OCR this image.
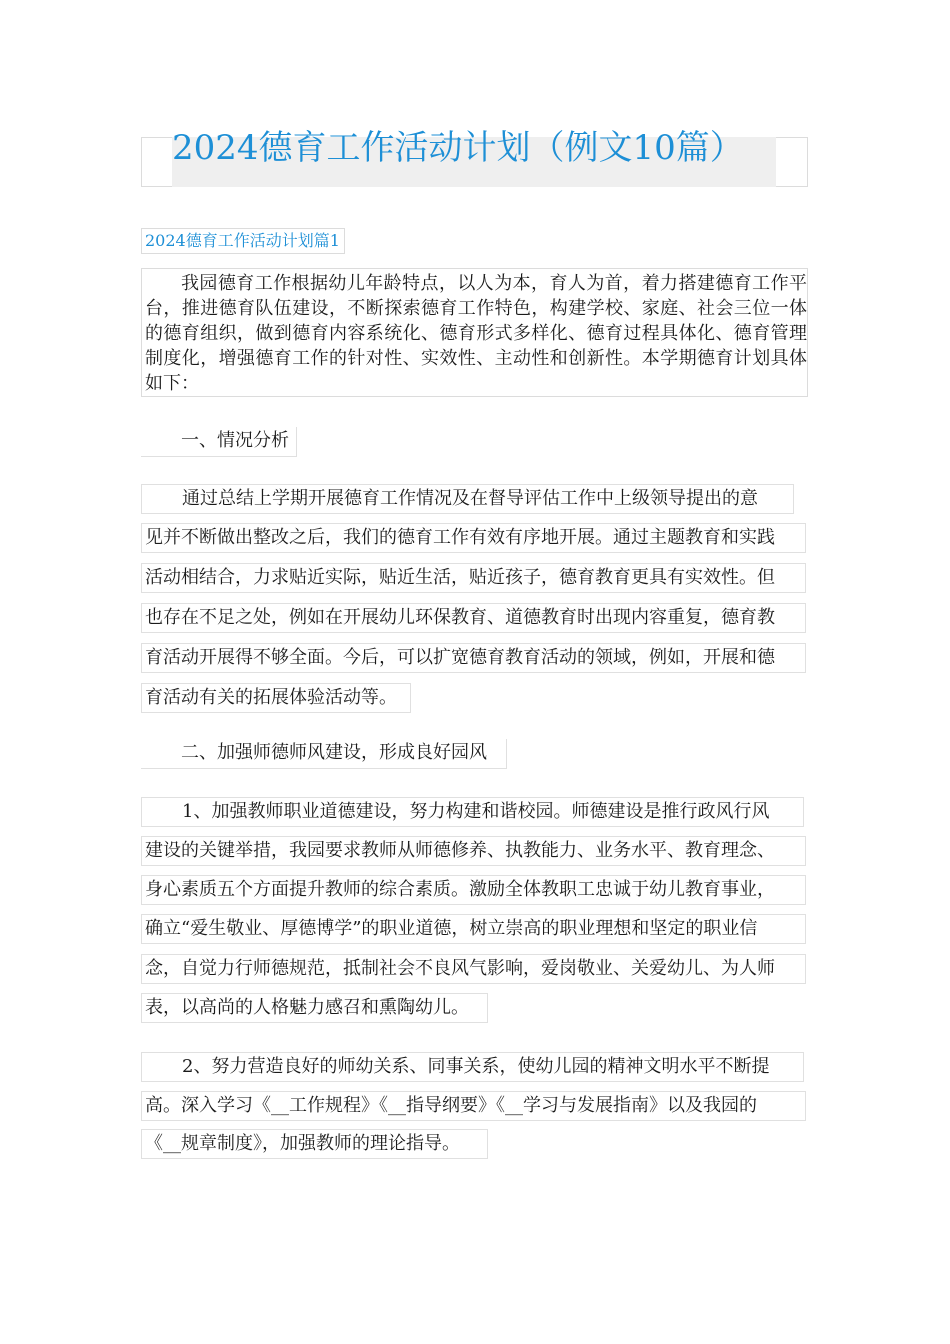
2024德育工作活动计划（例文10篇）
2024德育工作活动计划篇1

我园德育工作根据幼儿年龄特点，以人为本，育人为首，着力搭建德育工作平台，推进德育队伍建设，不断探索德育工作特色，构建学校、家庭、社会三位一体的德育组织，做到德育内容系统化、德育形式多样化、德育过程具体化、德育管理制度化，增强德育工作的针对性、实效性、主动性和创新性。本学期德育计划具体如下：

一、情况分析
通过总结上学期开展德育工作情况及在督导评估工作中上级领导提出的意
见并不断做出整改之后，我们的德育工作有效有序地开展。通过主题教育和实践
活动相结合，力求贴近实际，贴近生活，贴近孩子，德育教育更具有实效性。但
也存在不足之处，例如在开展幼儿环保教育、道德教育时出现内容重复，德育教
育活动开展得不够全面。今后，可以扩宽德育教育活动的领域，例如，开展和德
育活动有关的拓展体验活动等。
二、加强师德师风建设，形成良好园风
1、加强教师职业道德建设，努力构建和谐校园。师德建设是推行政风行风
建设的关键举措，我园要求教师从师德修养、执教能力、业务水平、教育理念、
身心素质五个方面提升教师的综合素质。激励全体教职工忠诚于幼儿教育事业，
确立“爱生敬业、厚德博学”的职业道德，树立崇高的职业理想和坚定的职业信
念，自觉力行师德规范，抵制社会不良风气影响，爱岗敬业、关爱幼儿、为人师
表，以高尚的人格魅力感召和熏陶幼儿。
2、努力营造良好的师幼关系、同事关系，使幼儿园的精神文明水平不断提
高。深入学习《__工作规程》《__指导纲要》《__学习与发展指南》以及我园的
《__规章制度》，加强教师的理论指导。
